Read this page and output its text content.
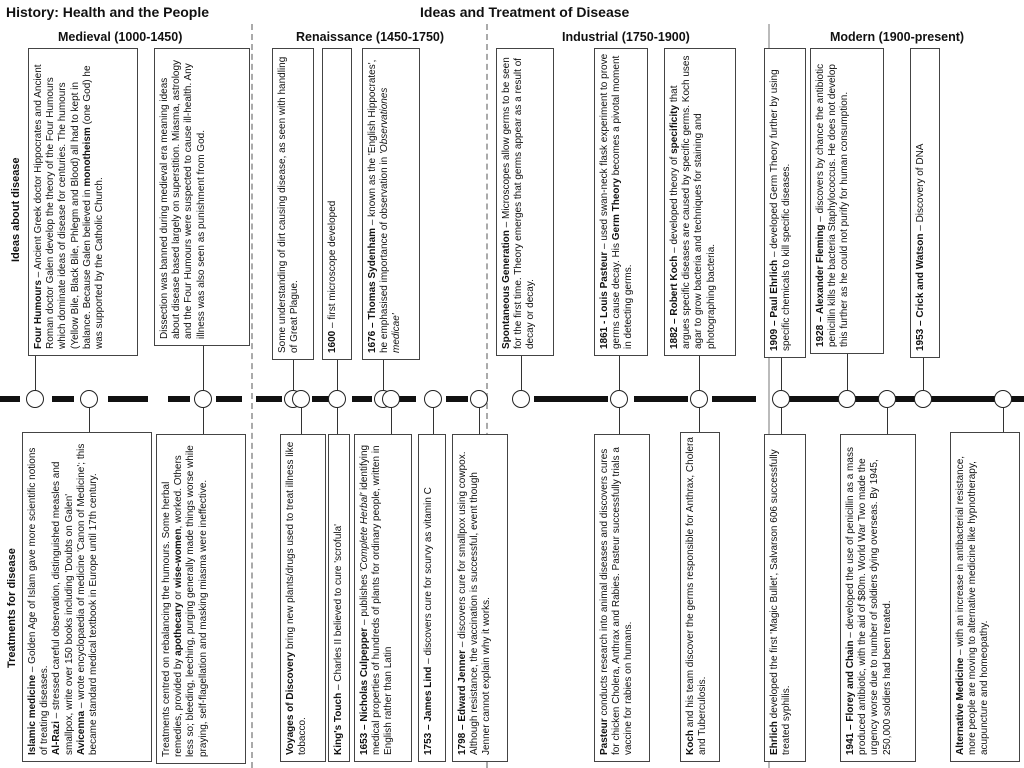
History: Health and the People	Ideas and Treatment of Disease
Medieval (1000-1450)	Renaissance (1450-1750)	Industrial (1750-1900)	Modern (1900-present)
Ideas about disease
Treatments for disease
Four Humours – Ancient Greek doctor Hippocrates and Ancient Roman doctor Galen develop the theory of the Four Humours which dominate ideas of disease for centuries. The humours (Yellow Bile, Black Bile, Phlegm and Blood) all had to kept in balance. Because Galen believed in monotheism (one God) he was supported by the Catholic Church.	Dissection was banned during medieval era meaning ideas about disease based largely on superstition. Miasma, astrology and the Four Humours were suspected to cause ill-health. Any illness was also seen as punishment from God.	Some understanding of dirt causing disease, as seen with handling of Great Plague.	1600 – first microscope developed	1676 – Thomas Sydenham – known as the 'English Hippocrates', he emphasised importance of observation in 'Observationes medicae'	Spontaneous Generation – Microscopes allow germs to be seen for the first time. Theory emerges that germs appear as a result of decay or decay.	1861 - Louis Pasteur – used swan-neck flask experiment to prove germs cause decay. His Germ Theory becomes a pivotal moment in detecting germs.	1882 – Robert Koch – developed theory of specificity that argues specific diseases are caused by specific germs. Koch uses agar to grow bacteria and techniques for staining and photographing bacteria.	1909 – Paul Ehrlich – developed Germ Theory further by using specific chemicals to kill specific diseases.	1928 – Alexander Fleming – discovers by chance the antibiotic penicillin kills the bacteria Staphylococcus. He does not develop this further as he could not purify for human consumption.	1953 – Crick and Watson – Discovery of DNA
Islamic medicine – Golden Age of Islam gave more scientific notions of treating diseases.
Al-Razi – stressed careful observation, distinguished measles and smallpox, write over 150 books including 'Doubts on Galen'
Avicenna – wrote encyclopaedia of medicine 'Canon of Medicine'; this became standard medical textbook in Europe until 17th century.	Treatments centred on rebalancing the humours. Some herbal remedies, provided by apothecary or wise-women, worked. Others less so; bleeding, leeching, purging generally made things worse while praying, self-flagellation and masking miasma were ineffective.	Voyages of Discovery bring new plants/drugs used to treat illness like tobacco.	King's Touch – Charles II believed to cure 'scrofula'	1653 – Nicholas Culpepper – publishes 'Complete Herbal' identifying medical properties of hundreds of plants for ordinary people, written in English rather than Latin	1753 – James Lind – discovers cure for scurvy as vitamin C
1798 – Edward Jenner – discovers cure for smallpox using cowpox. Although resistance, the vaccination is successful, event though Jenner cannot explain why it works.	Pasteur conducts research into animal diseases and discovers cures for chicken Cholera, Anthrax and Rabies. Pasteur successfully trials a vaccine for rabies on humans.	Koch and his team discover the germs responsible for Anthrax, Cholera and Tuberculosis.	Ehrlich developed the first 'Magic Bullet', Salvarson 606 successfully treated syphilis.	1941 – Florey and Chain – developed the use of penicillin as a mass produced antibiotic, with the aid of $80m. World War Two made the urgency worse due to number of soldiers dying overseas. By 1945, 250,000 soldiers had been treated.	Alternative Medicine – with an increase in antibacterial resistance, more people are moving to alternative medicine like hypnotherapy, acupuncture and homeopathy.
